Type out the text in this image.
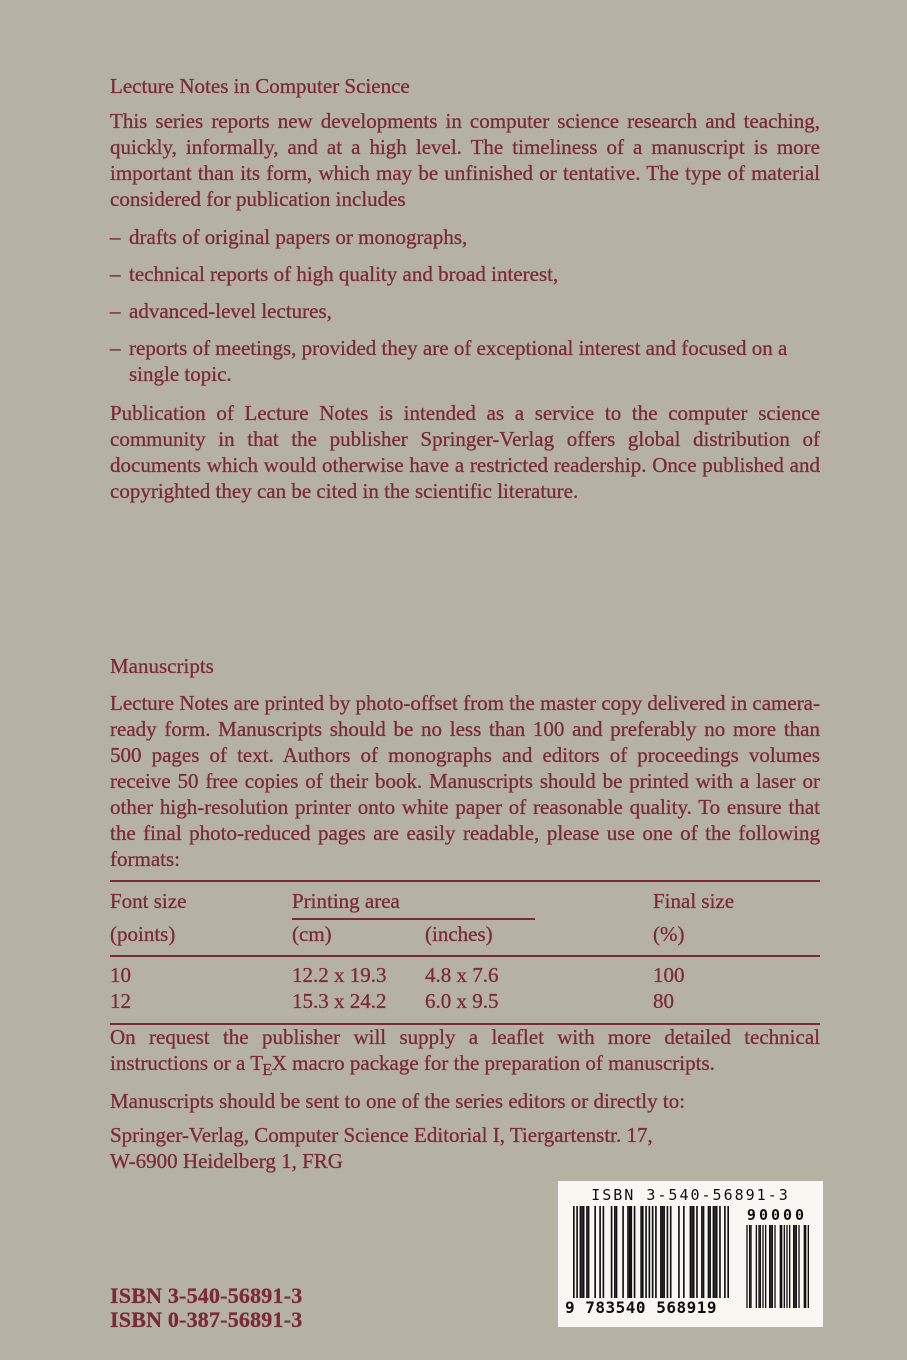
Lecture Notes in Computer Science

This series reports new developments in computer science research and teaching, quickly, informally, and at a high level. The timeliness of a manuscript is more important than its form, which may be unfinished or tentative. The type of material considered for publication includes

– drafts of original papers or monographs,
– technical reports of high quality and broad interest,
– advanced-level lectures,
– reports of meetings, provided they are of exceptional interest and focused on a single topic.

Publication of Lecture Notes is intended as a service to the computer science community in that the publisher Springer-Verlag offers global distribution of documents which would otherwise have a restricted readership. Once published and copyrighted they can be cited in the scientific literature.

Manuscripts

Lecture Notes are printed by photo-offset from the master copy delivered in camera-ready form. Manuscripts should be no less than 100 and preferably no more than 500 pages of text. Authors of monographs and editors of proceedings volumes receive 50 free copies of their book. Manuscripts should be printed with a laser or other high-resolution printer onto white paper of reasonable quality. To ensure that the final photo-reduced pages are easily readable, please use one of the following formats:

Font size	Printing area	Final size
(points)	(cm)	(inches)	(%)
10	12.2 x 19.3	4.8 x 7.6	100
12	15.3 x 24.2	6.0 x 9.5	80

On request the publisher will supply a leaflet with more detailed technical instructions or a $T_EX$ macro package for the preparation of manuscripts.

Manuscripts should be sent to one of the series editors or directly to:

Springer-Verlag, Computer Science Editorial I, Tiergartenstr. 17,
W-6900 Heidelberg 1, FRG
ISBN 3-540-56891-3
9 783540 568919
90000
ISBN 3-540-56891-3
ISBN 0-387-56891-3
